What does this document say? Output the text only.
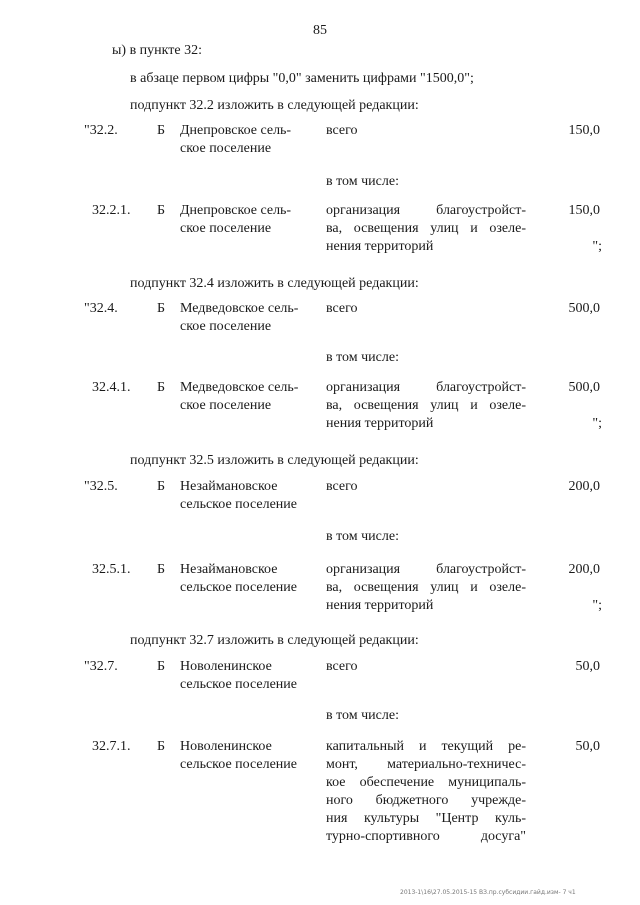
85
ы) в пункте 32:
в абзаце первом цифры "0,0" заменить цифрами "1500,0";
подпункт 32.2 изложить в следующей редакции:
"32.2.	Б Днепровское сель-
ское поселение
всего	150,0
в том числе:
32.2.1.	Б Днепровское сель-
ское поселение
организация благоустройст-
ва, освещения улиц и озеле-
нения территорий
150,0
";
подпункт 32.4 изложить в следующей редакции:
"32.4.	Б Медведовское сель-
ское поселение
всего	500,0
в том числе:
32.4.1.	Б Медведовское сель-
ское поселение
организация благоустройст-
ва, освещения улиц и озеле-
нения территорий
500,0
";
подпункт 32.5 изложить в следующей редакции:
"32.5.	Б Незаймановское
сельское поселение
всего	200,0
в том числе:
32.5.1.	Б Незаймановское
сельское поселение
организация благоустройст-
ва, освещения улиц и озеле-
нения территорий
200,0
";
подпункт 32.7 изложить в следующей редакции:
"32.7.	Б Новоленинское
сельское поселение
всего	50,0
в том числе:
32.7.1.	Б Новоленинское
сельское поселение
капитальный и текущий ре-
монт, материально-техничес-
кое обеспечение муниципаль-
ного бюджетного учрежде-
ния культуры "Центр куль-
турно-спортивного досуга"
50,0
2013-1\16\27.05.2015-15 ВЗ.пр.субсидии.гайд.изм- 7 ч1
